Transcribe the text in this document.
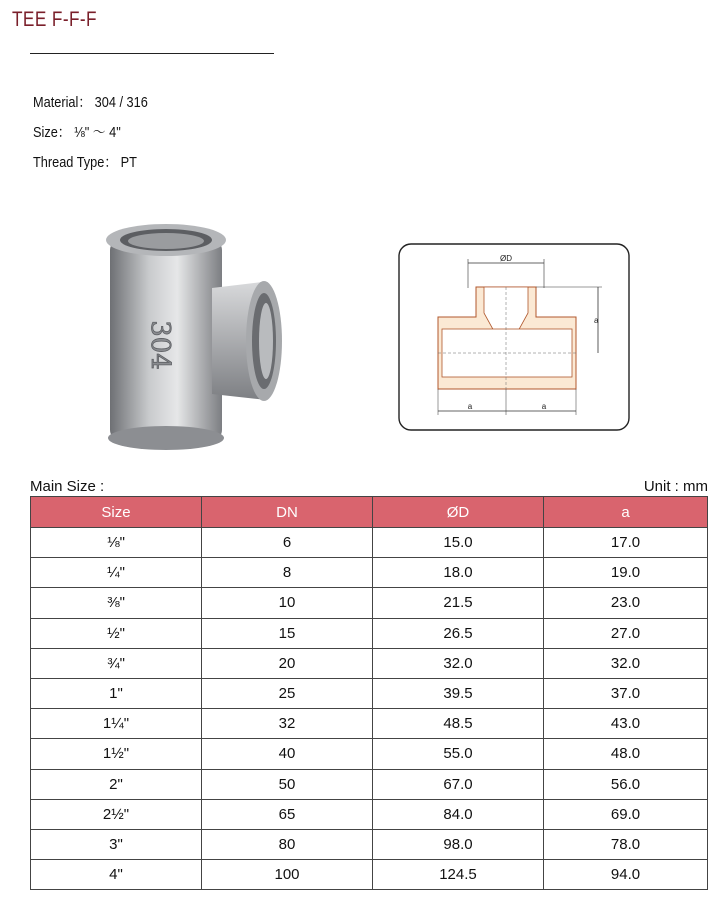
TEE F-F-F
Material： 304 / 316
Size： ⅛" ～ 4"
Thread Type： PT
304
ØD
a
a	a
Main Size :	Unit : mm
Size	DN	ØD	a
⅛"	6	15.0	17.0
¼"	8	18.0	19.0
⅜"	10	21.5	23.0
½"	15	26.5	27.0
¾"	20	32.0	32.0
1"	25	39.5	37.0
1¼"	32	48.5	43.0
1½"	40	55.0	48.0
2"	50	67.0	56.0
2½"	65	84.0	69.0
3"	80	98.0	78.0
4"	100	124.5	94.0
